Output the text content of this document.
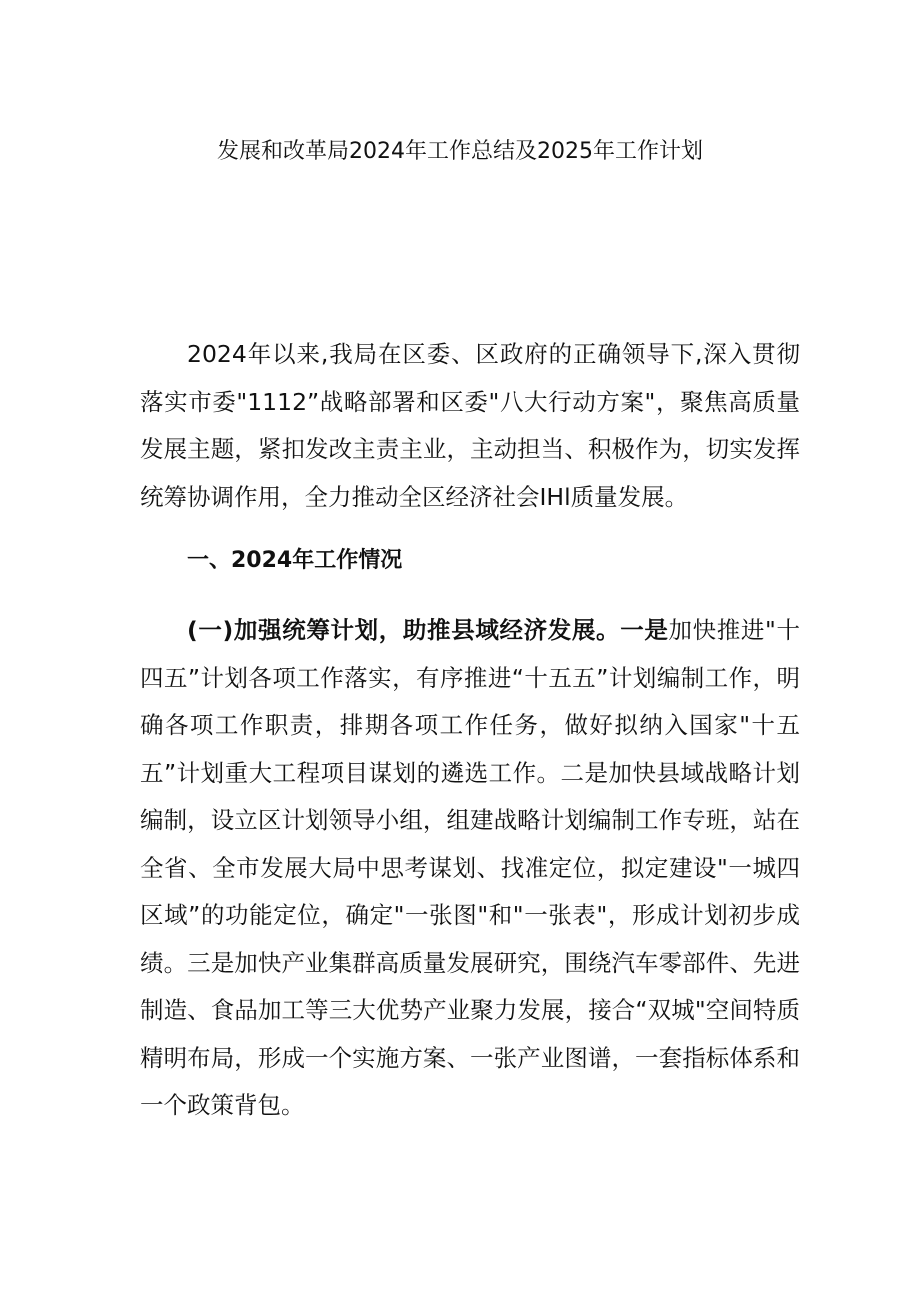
发展和改革局2024年工作总结及2025年工作计划

2024年以来,我局在区委、区政府的正确领导下,深入贯彻落实市委"1112”战略部署和区委"八大行动方案"，聚焦高质量发展主题，紧扣发改主责主业，主动担当、积极作为，切实发挥统筹协调作用，全力推动全区经济社会IHl质量发展。

一、2024年工作情况

(一)加强统筹计划，助推县域经济发展。一是加快推进"十四五”计划各项工作落实，有序推进“十五五”计划编制工作，明确各项工作职责，排期各项工作任务，做好拟纳入国家"十五五”计划重大工程项目谋划的遴选工作。二是加快县域战略计划编制，设立区计划领导小组，组建战略计划编制工作专班，站在全省、全市发展大局中思考谋划、找准定位，拟定建设"一城四区域”的功能定位，确定"一张图"和"一张表"，形成计划初步成绩。三是加快产业集群高质量发展研究，围绕汽车零部件、先进制造、食品加工等三大优势产业聚力发展，接合“双城"空间特质精明布局，形成一个实施方案、一张产业图谱，一套指标体系和一个政策背包。
